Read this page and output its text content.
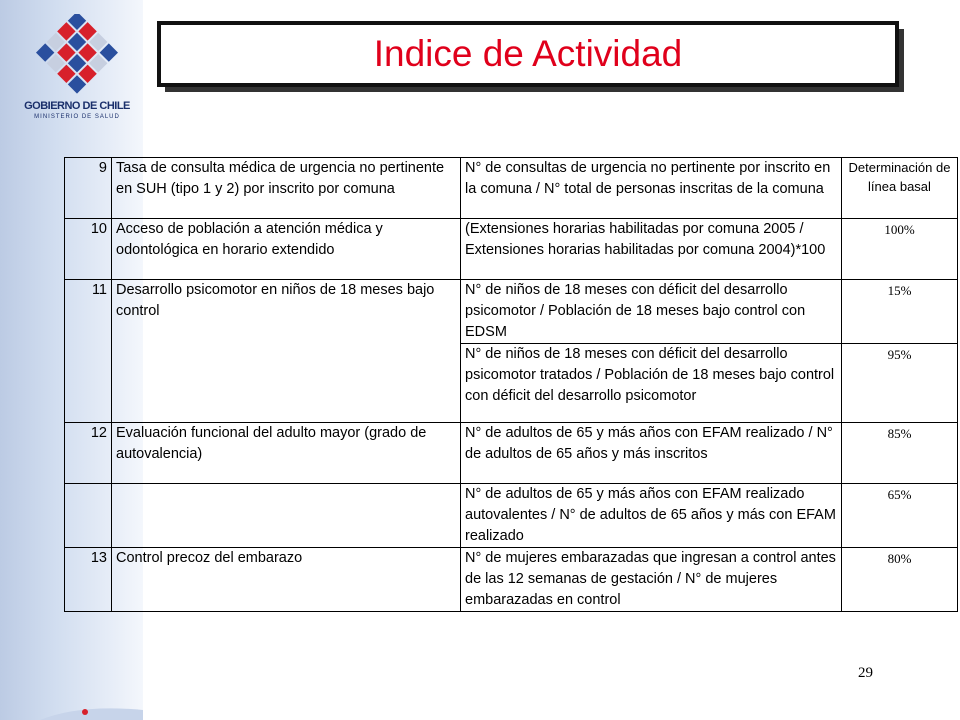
GOBIERNO DE CHILE
MINISTERIO DE SALUD
Indice de Actividad
9	Tasa de consulta médica de urgencia no pertinente en SUH (tipo 1 y 2) por inscrito por comuna	N° de consultas de urgencia no pertinente por inscrito en la comuna / N° total de personas inscritas de la comuna	Determinación de línea basal
10	Acceso de población a atención médica y odontológica en horario extendido	(Extensiones horarias habilitadas por comuna 2005 / Extensiones horarias habilitadas por comuna 2004)*100	100%
11	Desarrollo psicomotor en niños de 18 meses bajo control	N° de niños de 18 meses con déficit del desarrollo psicomotor / Población de 18 meses bajo control con EDSM	15%
		N° de niños de 18 meses con déficit del desarrollo psicomotor tratados / Población de 18 meses bajo control con déficit del desarrollo psicomotor	95%
12	Evaluación funcional del adulto mayor (grado de autovalencia)	N° de adultos de 65 y más años con EFAM realizado / N° de adultos de 65 años y más inscritos	85%
		N° de adultos de 65 y más años con EFAM realizado autovalentes / N° de adultos de 65 años y más con EFAM realizado	65%
13	Control precoz del embarazo	N° de mujeres embarazadas que ingresan a control antes de las 12 semanas de gestación / N° de mujeres embarazadas en control	80%
29
